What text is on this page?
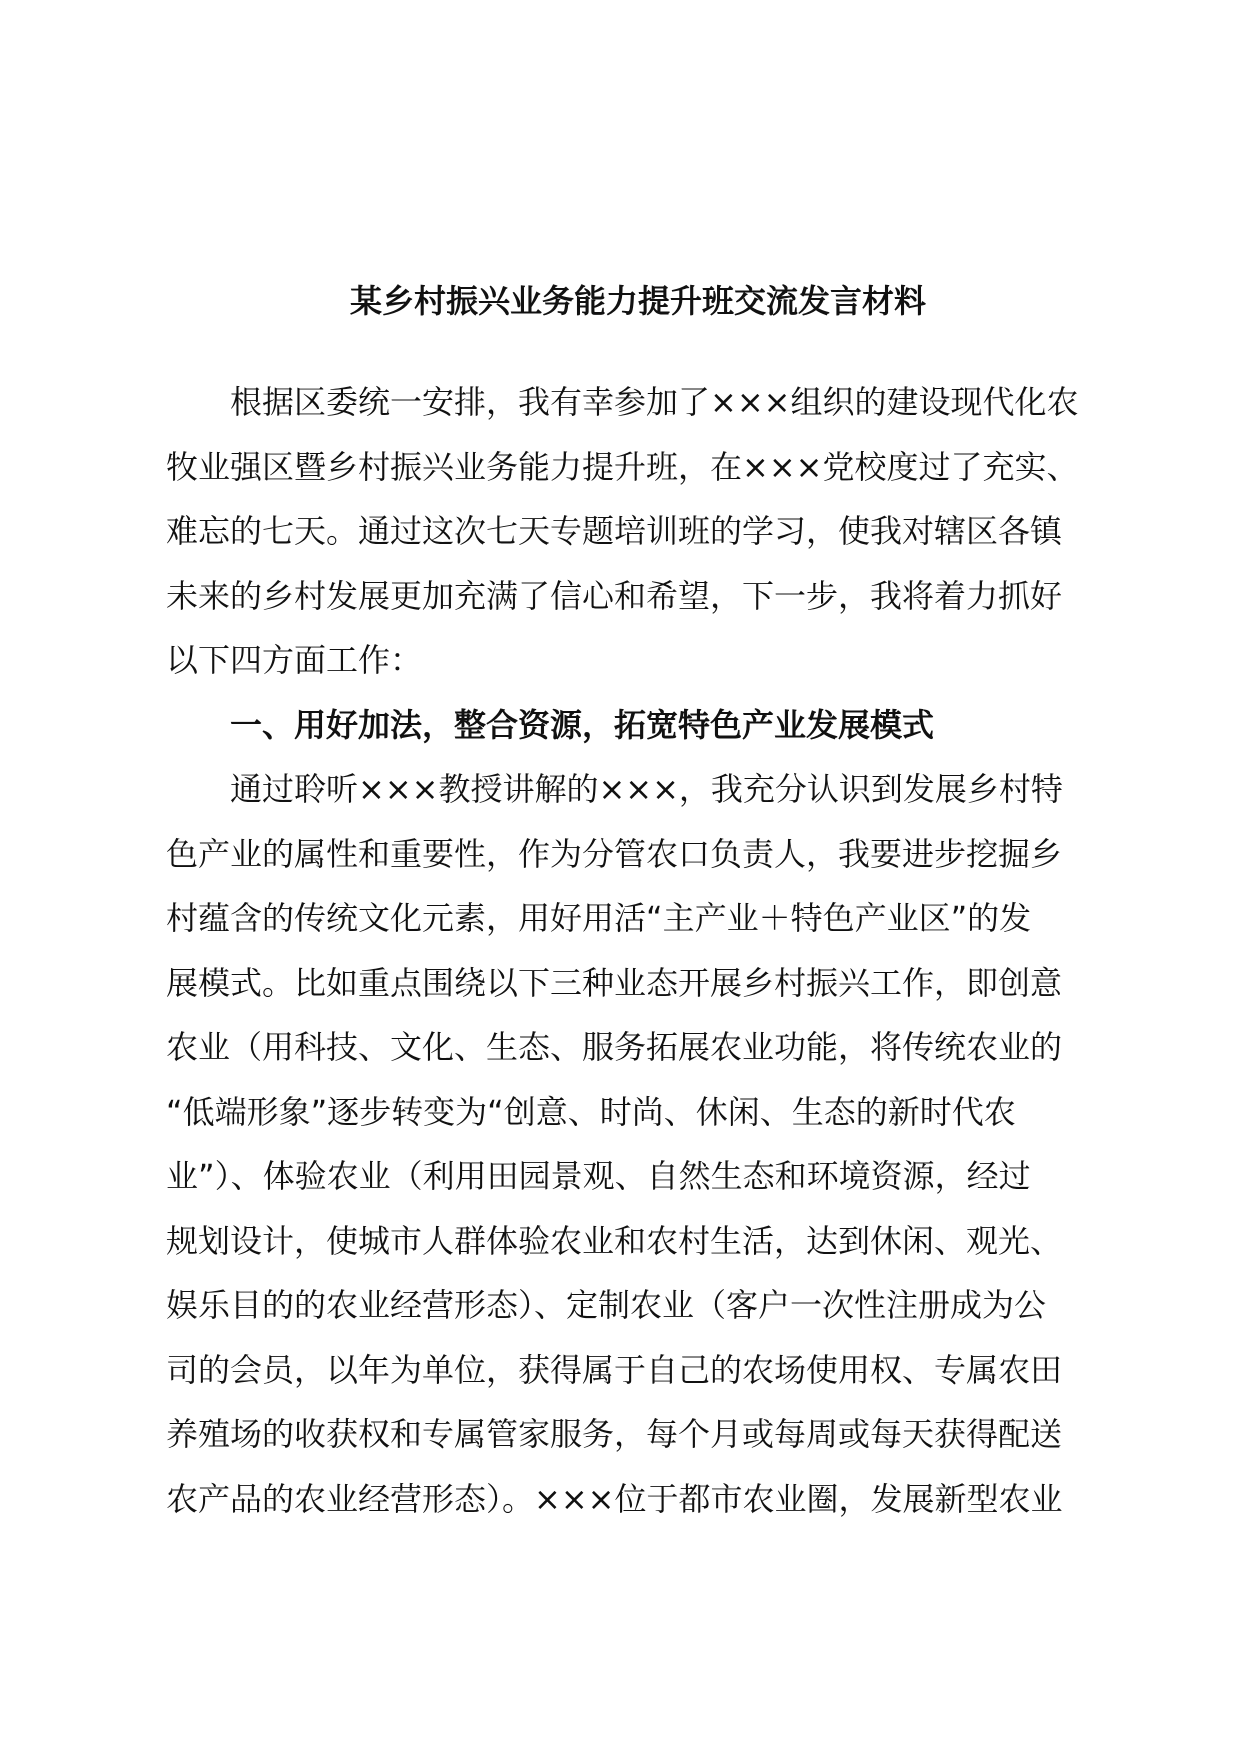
某乡村振兴业务能力提升班交流发言材料
根据区委统一安排，我有幸参加了×××组织的建设现代化农
牧业强区暨乡村振兴业务能力提升班，在×××党校度过了充实、
难忘的七天。通过这次七天专题培训班的学习，使我对辖区各镇
未来的乡村发展更加充满了信心和希望，下一步，我将着力抓好
以下四方面工作：
一、用好加法，整合资源，拓宽特色产业发展模式
通过聆听×××教授讲解的×××，我充分认识到发展乡村特
色产业的属性和重要性，作为分管农口负责人，我要进步挖掘乡
村蕴含的传统文化元素，用好用活“主产业＋特色产业区”的发
展模式。比如重点围绕以下三种业态开展乡村振兴工作，即创意
农业（用科技、文化、生态、服务拓展农业功能，将传统农业的
“低端形象”逐步转变为“创意、时尚、休闲、生态的新时代农
业”）、体验农业（利用田园景观、自然生态和环境资源，经过
规划设计，使城市人群体验农业和农村生活，达到休闲、观光、
娱乐目的的农业经营形态）、定制农业（客户一次性注册成为公
司的会员，以年为单位，获得属于自己的农场使用权、专属农田
养殖场的收获权和专属管家服务，每个月或每周或每天获得配送
农产品的农业经营形态）。×××位于都市农业圈，发展新型农业
